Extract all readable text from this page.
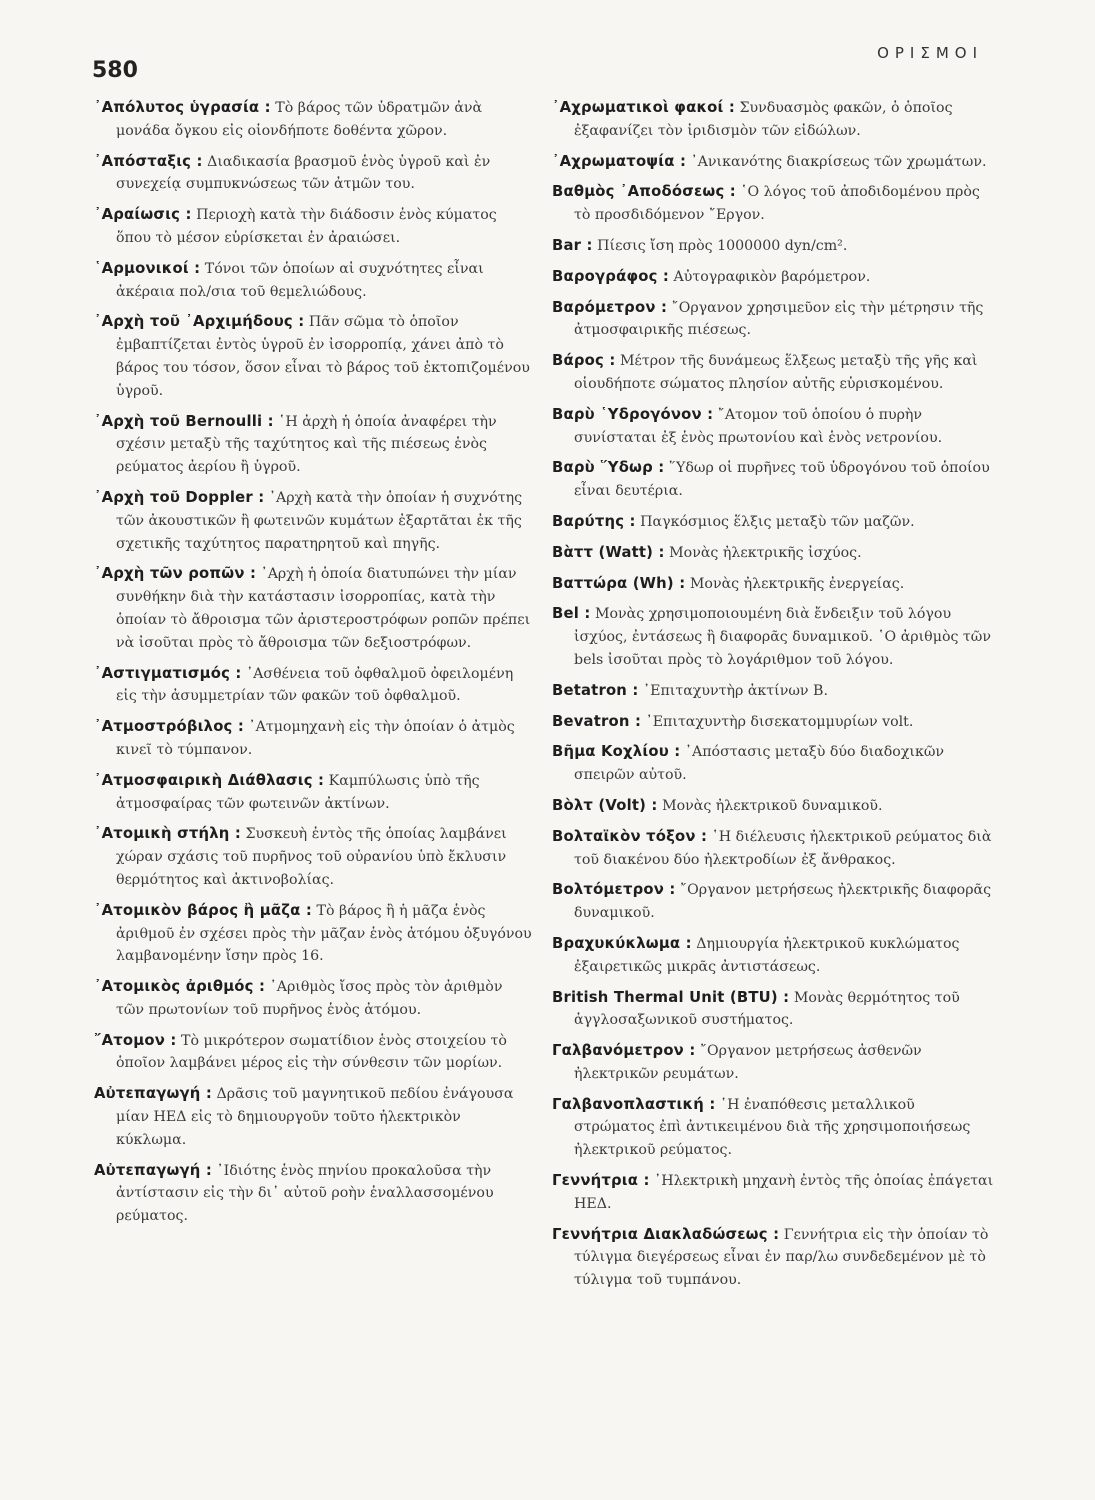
580
ΟΡΙΣΜΟΙ

᾽Απόλυτος ὑγρασία : Τὸ βάρος τῶν ὑδρατμῶν ἀνὰ μονάδα ὄγκου εἰς οἱονδήποτε δοθέντα χῶρον.

᾽Απόσταξις : Διαδικασία βρασμοῦ ἑνὸς ὑγροῦ καὶ ἐν συνεχείᾳ συμπυκνώσεως τῶν ἀτμῶν του.

᾽Αραίωσις : Περιοχὴ κατὰ τὴν διάδοσιν ἑνὸς κύματος ὅπου τὸ μέσον εὑρίσκεται ἐν ἀραιώσει.

῾Αρμονικοί : Τόνοι τῶν ὁποίων αἱ συχνότητες εἶναι ἀκέραια πολ/σια τοῦ θεμελιώδους.

᾽Αρχὴ τοῦ ᾽Αρχιμήδους : Πᾶν σῶμα τὸ ὁποῖον ἐμβαπτίζεται ἐντὸς ὑγροῦ ἐν ἰσορροπίᾳ, χάνει ἀπὸ τὸ βάρος του τόσον, ὅσον εἶναι τὸ βάρος τοῦ ἐκτοπιζομένου ὑγροῦ.

᾽Αρχὴ τοῦ Bernoulli : ῾Η ἀρχὴ ἡ ὁποία ἀναφέρει τὴν σχέσιν μεταξὺ τῆς ταχύτητος καὶ τῆς πιέσεως ἑνὸς ρεύματος ἀερίου ἢ ὑγροῦ.

᾽Αρχὴ τοῦ Doppler : ᾽Αρχὴ κατὰ τὴν ὁποίαν ἡ συχνότης τῶν ἀκουστικῶν ἢ φωτεινῶν κυμάτων ἐξαρτᾶται ἐκ τῆς σχετικῆς ταχύτητος παρατηρητοῦ καὶ πηγῆς.

᾽Αρχὴ τῶν ροπῶν : ᾽Αρχὴ ἡ ὁποία διατυπώνει τὴν μίαν συνθήκην διὰ τὴν κατάστασιν ἰσορροπίας, κατὰ τὴν ὁποίαν τὸ ἄθροισμα τῶν ἀριστεροστρόφων ροπῶν πρέπει νὰ ἰσοῦται πρὸς τὸ ἄθροισμα τῶν δεξιοστρόφων.

᾽Αστιγματισμός : ᾽Ασθένεια τοῦ ὀφθαλμοῦ ὀφειλομένη εἰς τὴν ἀσυμμετρίαν τῶν φακῶν τοῦ ὀφθαλμοῦ.

᾽Ατμοστρόβιλος : ᾽Ατμομηχανὴ εἰς τὴν ὁποίαν ὁ ἀτμὸς κινεῖ τὸ τύμπανον.

᾽Ατμοσφαιρικὴ Διάθλασις : Καμπύλωσις ὑπὸ τῆς ἀτμοσφαίρας τῶν φωτεινῶν ἀκτίνων.

᾽Ατομικὴ στήλη : Συσκευὴ ἐντὸς τῆς ὁποίας λαμβάνει χώραν σχάσις τοῦ πυρῆνος τοῦ οὐρανίου ὑπὸ ἔκλυσιν θερμότητος καὶ ἀκτινοβολίας.

᾽Ατομικὸν βάρος ἢ μᾶζα : Τὸ βάρος ἢ ἡ μᾶζα ἑνὸς ἀριθμοῦ ἐν σχέσει πρὸς τὴν μᾶζαν ἑνὸς ἀτόμου ὀξυγόνου λαμβανομένην ἴσην πρὸς 16.

᾽Ατομικὸς ἀριθμός : ᾽Αριθμὸς ἴσος πρὸς τὸν ἀριθμὸν τῶν πρωτονίων τοῦ πυρῆνος ἑνὸς ἀτόμου.

῎Ατομον : Τὸ μικρότερον σωματίδιον ἑνὸς στοιχείου τὸ ὁποῖον λαμβάνει μέρος εἰς τὴν σύνθεσιν τῶν μορίων.

Αὐτεπαγωγή : Δρᾶσις τοῦ μαγνητικοῦ πεδίου ἐνάγουσα μίαν ΗΕΔ εἰς τὸ δημιουργοῦν τοῦτο ἠλεκτρικὸν κύκλωμα.

Αὐτεπαγωγή : ᾽Ιδιότης ἑνὸς πηνίου προκαλοῦσα τὴν ἀντίστασιν εἰς τὴν δι᾽ αὐτοῦ ροὴν ἐναλλασσομένου ρεύματος.

᾽Αχρωματικοὶ φακοί : Συνδυασμὸς φακῶν, ὁ ὁποῖος ἐξαφανίζει τὸν ἰριδισμὸν τῶν εἰδώλων.

᾽Αχρωματοψία : ᾽Ανικανότης διακρίσεως τῶν χρωμάτων.

Βαθμὸς ᾽Αποδόσεως : ῾Ο λόγος τοῦ ἀποδιδομένου πρὸς τὸ προσδιδόμενον ῎Εργον.

Bar : Πίεσις ἴση πρὸς 1000000 dyn/cm².

Βαρογράφος : Αὐτογραφικὸν βαρόμετρον.

Βαρόμετρον : ῎Οργανον χρησιμεῦον εἰς τὴν μέτρησιν τῆς ἀτμοσφαιρικῆς πιέσεως.

Βάρος : Μέτρον τῆς δυνάμεως ἕλξεως μεταξὺ τῆς γῆς καὶ οἱουδήποτε σώματος πλησίον αὐτῆς εὑρισκομένου.

Βαρὺ ῾Υδρογόνον : ῎Ατομον τοῦ ὁποίου ὁ πυρὴν συνίσταται ἐξ ἑνὸς πρωτονίου καὶ ἑνὸς νετρονίου.

Βαρὺ ῞Υδωρ : ῞Υδωρ οἱ πυρῆνες τοῦ ὑδρογόνου τοῦ ὁποίου εἶναι δευτέρια.

Βαρύτης : Παγκόσμιος ἕλξις μεταξὺ τῶν μαζῶν.

Βὰττ (Watt) : Μονὰς ἠλεκτρικῆς ἰσχύος.

Βαττώρα (Wh) : Μονὰς ἠλεκτρικῆς ἐνεργείας.

Bel : Μονὰς χρησιμοποιουμένη διὰ ἔνδειξιν τοῦ λόγου ἰσχύος, ἐντάσεως ἢ διαφορᾶς δυναμικοῦ. ῾Ο ἀριθμὸς τῶν bels ἰσοῦται πρὸς τὸ λογάριθμον τοῦ λόγου.

Betatron : ᾽Επιταχυντὴρ ἀκτίνων Β.

Bevatron : ᾽Επιταχυντὴρ δισεκατομμυρίων volt.

Βῆμα Κοχλίου : ᾽Απόστασις μεταξὺ δύο διαδοχικῶν σπειρῶν αὐτοῦ.

Βὸλτ (Volt) : Μονὰς ἠλεκτρικοῦ δυναμικοῦ.

Βολταϊκὸν τόξον : ῾Η διέλευσις ἠλεκτρικοῦ ρεύματος διὰ τοῦ διακένου δύο ἠλεκτροδίων ἐξ ἄνθρακος.

Βολτόμετρον : ῎Οργανον μετρήσεως ἠλεκτρικῆς διαφορᾶς δυναμικοῦ.

Βραχυκύκλωμα : Δημιουργία ἠλεκτρικοῦ κυκλώματος ἐξαιρετικῶς μικρᾶς ἀντιστάσεως.

British Thermal Unit (BTU) : Μονὰς θερμότητος τοῦ ἀγγλοσαξωνικοῦ συστήματος.

Γαλβανόμετρον : ῎Οργανον μετρήσεως ἀσθενῶν ἠλεκτρικῶν ρευμάτων.

Γαλβανοπλαστική : ῾Η ἐναπόθεσις μεταλλικοῦ στρώματος ἐπὶ ἀντικειμένου διὰ τῆς χρησιμοποιήσεως ἠλεκτρικοῦ ρεύματος.

Γεννήτρια : ᾽Ηλεκτρικὴ μηχανὴ ἐντὸς τῆς ὁποίας ἐπάγεται ΗΕΔ.

Γεννήτρια Διακλαδώσεως : Γεννήτρια εἰς τὴν ὁποίαν τὸ τύλιγμα διεγέρσεως εἶναι ἐν παρ/λω συνδεδεμένον μὲ τὸ τύλιγμα τοῦ τυμπάνου.
